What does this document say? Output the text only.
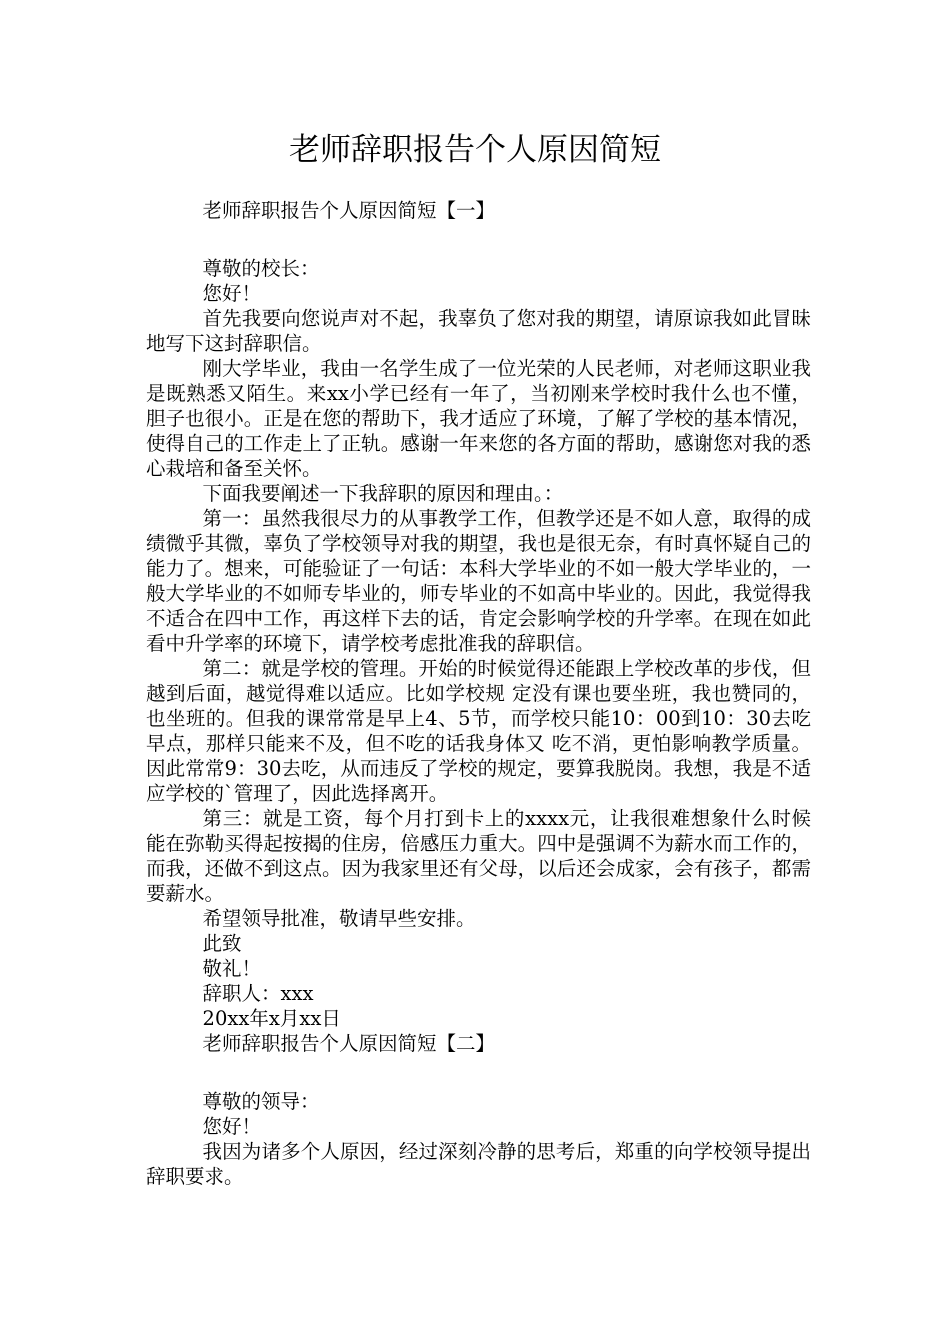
老师辞职报告个人原因简短
老师辞职报告个人原因简短【一】

尊敬的校长：

您好！

首先我要向您说声对不起，我辜负了您对我的期望，请原谅我如此冒昧地写下这封辞职信。

刚大学毕业，我由一名学生成了一位光荣的人民老师，对老师这职业我是既熟悉又陌生。来xx小学已经有一年了，当初刚来学校时我什么也不懂，胆子也很小。正是在您的帮助下，我才适应了环境，了解了学校的基本情况，使得自己的工作走上了正轨。感谢一年来您的各方面的帮助，感谢您对我的悉心栽培和备至关怀。

下面我要阐述一下我辞职的原因和理由。：

第一：虽然我很尽力的从事教学工作，但教学还是不如人意，取得的成绩微乎其微，辜负了学校领导对我的期望，我也是很无奈，有时真怀疑自己的能力了。想来，可能验证了一句话：本科大学毕业的不如一般大学毕业的，一般大学毕业的不如师专毕业的，师专毕业的不如高中毕业的。因此，我觉得我不适合在四中工作，再这样下去的话，肯定会影响学校的升学率。在现在如此看中升学率的环境下，请学校考虑批准我的辞职信。

第二：就是学校的管理。开始的时候觉得还能跟上学校改革的步伐，但越到后面，越觉得难以适应。比如学校规 定没有课也要坐班，我也赞同的，也坐班的。但我的课常常是早上4、5节，而学校只能10：00到10：30去吃早点，那样只能来不及，但不吃的话我身体又 吃不消，更怕影响教学质量。因此常常9：30去吃，从而违反了学校的规定，要算我脱岗。我想，我是不适应学校的`管理了，因此选择离开。

第三：就是工资，每个月打到卡上的xxxx元，让我很难想象什么时候能在弥勒买得起按揭的住房，倍感压力重大。四中是强调不为薪水而工作的，而我，还做不到这点。因为我家里还有父母，以后还会成家，会有孩子，都需要薪水。

希望领导批准，敬请早些安排。

此致

敬礼！

辞职人：xxx

20xx年x月xx日

老师辞职报告个人原因简短【二】

尊敬的领导：

您好！

我因为诸多个人原因，经过深刻冷静的思考后，郑重的向学校领导提出辞职要求。
